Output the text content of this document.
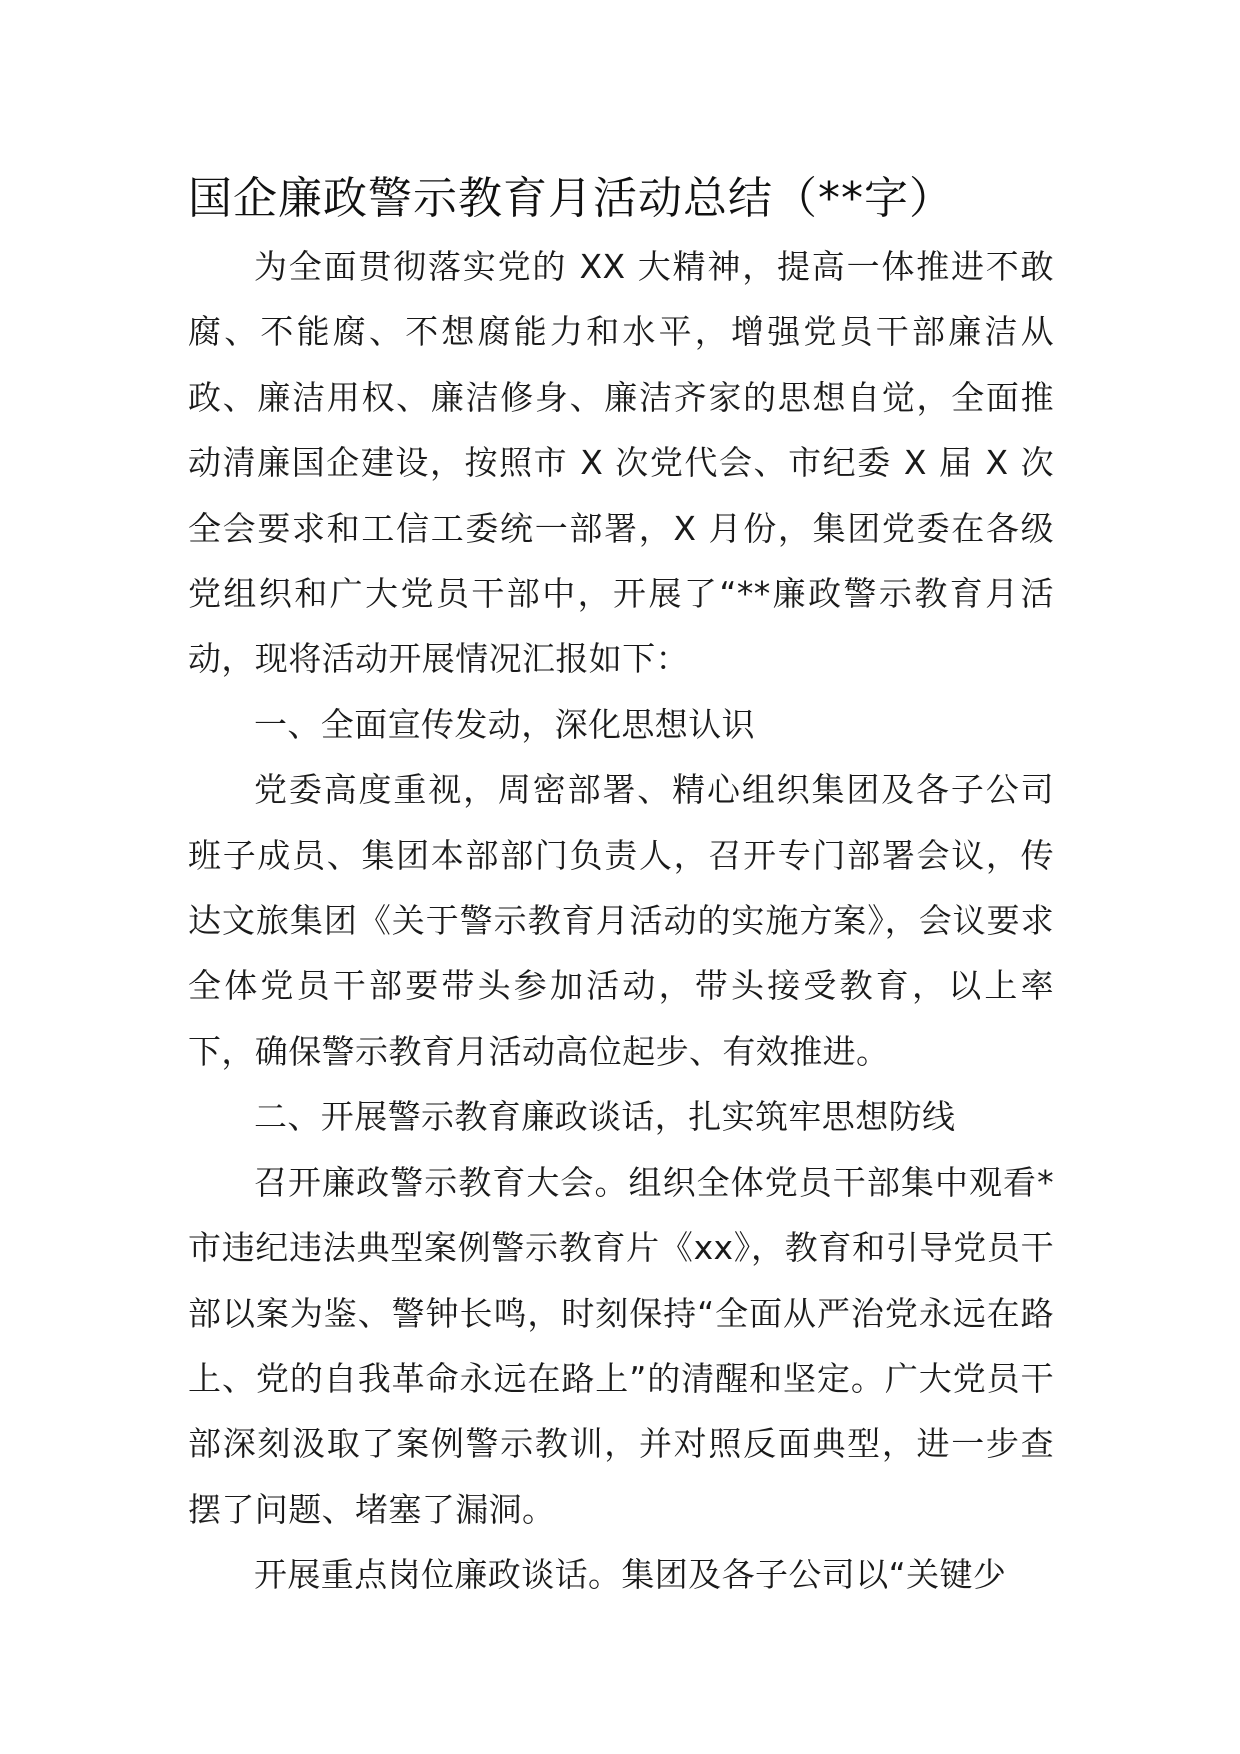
国企廉政警示教育月活动总结（**字）

为全面贯彻落实党的 XX 大精神，提高一体推进不敢腐、不能腐、不想腐能力和水平，增强党员干部廉洁从政、廉洁用权、廉洁修身、廉洁齐家的思想自觉，全面推动清廉国企建设，按照市 X 次党代会、市纪委 X 届 X 次全会要求和工信工委统一部署，X 月份，集团党委在各级党组织和广大党员干部中，开展了“**廉政警示教育月活动，现将活动开展情况汇报如下：

一、全面宣传发动，深化思想认识

党委高度重视，周密部署、精心组织集团及各子公司班子成员、集团本部部门负责人，召开专门部署会议，传达文旅集团《关于警示教育月活动的实施方案》，会议要求全体党员干部要带头参加活动，带头接受教育，以上率下，确保警示教育月活动高位起步、有效推进。

二、开展警示教育廉政谈话，扎实筑牢思想防线

召开廉政警示教育大会。组织全体党员干部集中观看*市违纪违法典型案例警示教育片《xx》，教育和引导党员干部以案为鉴、警钟长鸣，时刻保持“全面从严治党永远在路上、党的自我革命永远在路上”的清醒和坚定。广大党员干部深刻汲取了案例警示教训，并对照反面典型，进一步查摆了问题、堵塞了漏洞。

开展重点岗位廉政谈话。集团及各子公司以“关键少
